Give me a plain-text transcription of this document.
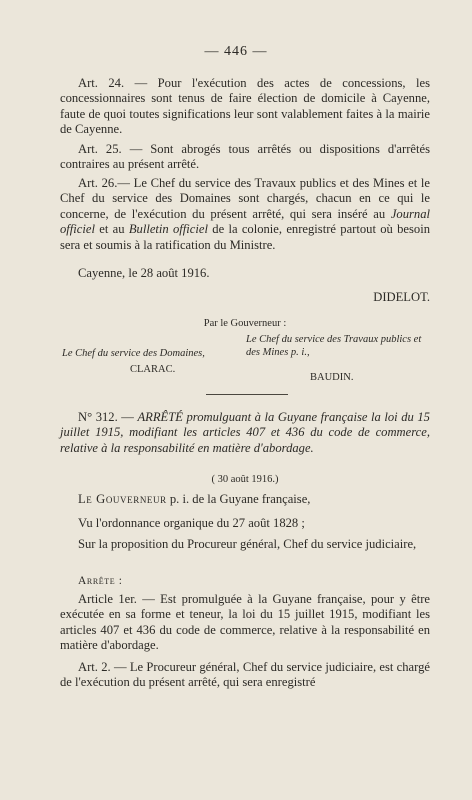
— 446 —
Art. 24. — Pour l'exécution des actes de concessions, les concessionnaires sont tenus de faire élection de domicile à Cayenne, faute de quoi toutes significations leur sont valablement faites à la mairie de Cayenne.
Art. 25. — Sont abrogés tous arrêtés ou dispositions d'arrêtés contraires au présent arrêté.
Art. 26.— Le Chef du service des Travaux publics et des Mines et le Chef du service des Domaines sont chargés, chacun en ce qui le concerne, de l'exécution du présent arrêté, qui sera inséré au Journal officiel et au Bulletin officiel de la colonie, enregistré partout où besoin sera et soumis à la ratification du Ministre.
Cayenne, le 28 août 1916.
DIDELOT.
Par le Gouverneur :
Le Chef du service des Travaux publics et des Mines p. i.,
Le Chef du service des Domaines,
CLARAC.
BAUDIN.
N° 312. — ARRÊTÉ promulguant à la Guyane française la loi du 15 juillet 1915, modifiant les articles 407 et 436 du code de commerce, relative à la responsabilité en matière d'abordage.
( 30 août 1916.)
Le Gouverneur p. i. de la Guyane française,
Vu l'ordonnance organique du 27 août 1828 ;
Sur la proposition du Procureur général, Chef du service judiciaire,
Arrête :
Article 1er. — Est promulguée à la Guyane française, pour y être exécutée en sa forme et teneur, la loi du 15 juillet 1915, modifiant les articles 407 et 436 du code de commerce, relative à la responsabilité en matière d'abordage.
Art. 2. — Le Procureur général, Chef du service judiciaire, est chargé de l'exécution du présent arrêté, qui sera enregistré
